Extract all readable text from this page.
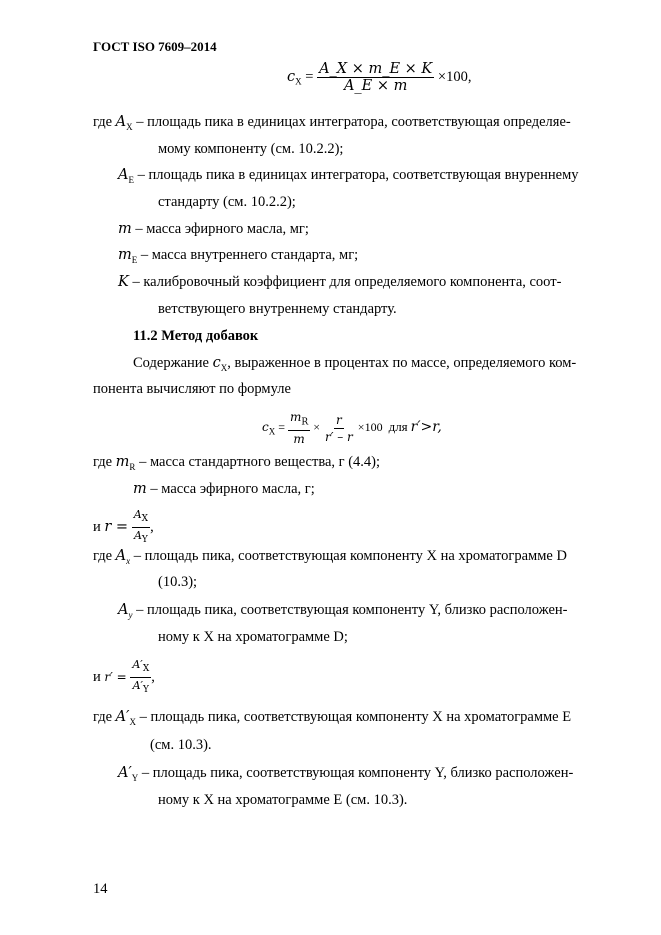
ГОСТ ISO 7609–2014
$c_X = \frac{A\_X \times m\_E \times K}{A\_E \times m} \times 100$,
где $A_X$ – площадь пика в единицах интегратора, соответствующая определяе-
мому компоненту (см. 10.2.2);
$A_E$ – площадь пика в единицах интегратора, соответствующая внуреннему
стандарту (см. 10.2.2);
m – масса эфирного масла, мг;
$m_E$ – масса внутреннего стандарта, мг;
K – калибровочный коэффициент для определяемого компонента, соот-
ветствующего внутреннему стандарту.
11.2 Метод добавок
Содержание $c_X$, выраженное в процентах по массе, определяемого ком-
понента вычисляют по формуле
$c_X = \frac{m_R}{m} \times \frac{r}{r' - r} \times 100$ для r′>r,
где $m_R$ – масса стандартного вещества, г (4.4);
m – масса эфирного масла, г;
и $r = \frac{A_X}{A_Y}$ ,
где $A_x$ – площадь пика, соответствующая компоненту X на хроматограмме D
(10.3);
$A_y$ – площадь пика, соответствующая компоненту Y, близко расположен-
ному к X на хроматограмме D;
и $r' = \frac{A'_X}{A'_Y}$ ,
где $A'_X$ – площадь пика, соответствующая компоненту X на хроматограмме E
(см. 10.3).
$A'_Y$ – площадь пика, соответствующая компоненту Y, близко расположен-
ному к X на хроматограмме E (см. 10.3).
14
